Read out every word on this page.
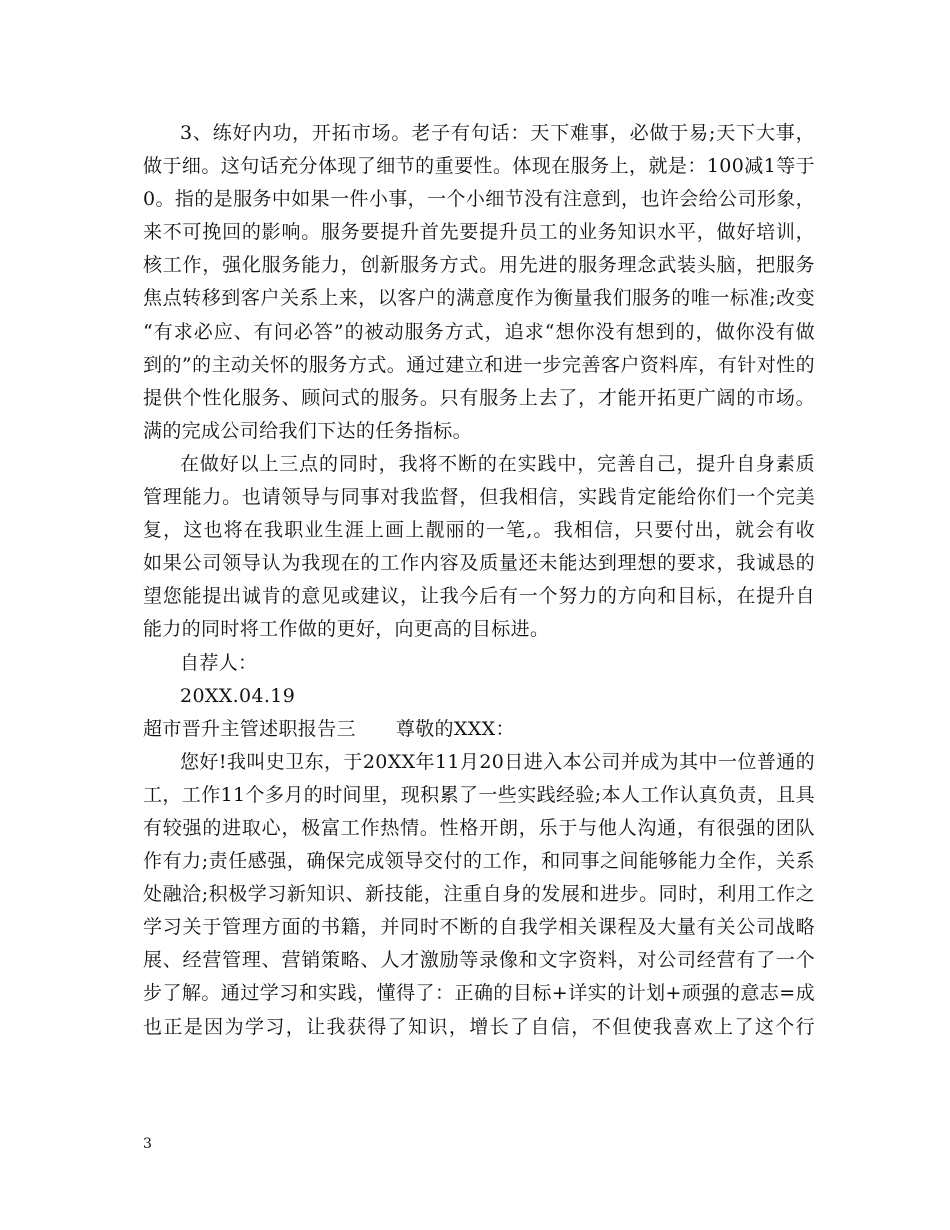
3、练好内功，开拓市场。老子有句话：天下难事，必做于易;天下大事，
做于细。这句话充分体现了细节的重要性。体现在服务上，就是：100减1等于
0。指的是服务中如果一件小事，一个小细节没有注意到，也许会给公司形象，
来不可挽回的影响。服务要提升首先要提升员工的业务知识水平，做好培训，
核工作，强化服务能力，创新服务方式。用先进的服务理念武装头脑，把服务
焦点转移到客户关系上来，以客户的满意度作为衡量我们服务的唯一标准;改变
“有求必应、有问必答”的被动服务方式，追求“想你没有想到的，做你没有做
到的”的主动关怀的服务方式。通过建立和进一步完善客户资料库，有针对性的
提供个性化服务、顾问式的服务。只有服务上去了，才能开拓更广阔的市场。
满的完成公司给我们下达的任务指标。
在做好以上三点的同时，我将不断的在实践中，完善自己，提升自身素质
管理能力。也请领导与同事对我监督，但我相信，实践肯定能给你们一个完美
复，这也将在我职业生涯上画上靓丽的一笔,。我相信，只要付出，就会有收
如果公司领导认为我现在的工作内容及质量还未能达到理想的要求，我诚恳的
望您能提出诚肯的意见或建议，让我今后有一个努力的方向和目标，在提升自
能力的同时将工作做的更好，向更高的目标进。
自荐人：
20XX.04.19
超市晋升主管述职报告三 尊敬的XXX：
您好!我叫史卫东，于20XX年11月20日进入本公司并成为其中一位普通的
工，工作11个多月的时间里，现积累了一些实践经验;本人工作认真负责，且具
有较强的进取心，极富工作热情。性格开朗，乐于与他人沟通，有很强的团队
作有力;责任感强，确保完成领导交付的工作，和同事之间能够能力全作，关系
处融洽;积极学习新知识、新技能，注重自身的发展和进步。同时，利用工作之
学习关于管理方面的书籍，并同时不断的自我学相关课程及大量有关公司战略
展、经营管理、营销策略、人才激励等录像和文字资料，对公司经营有了一个
步了解。通过学习和实践，懂得了：正确的目标+详实的计划+顽强的意志=成
也正是因为学习，让我获得了知识，增长了自信，不但使我喜欢上了这个行
3
